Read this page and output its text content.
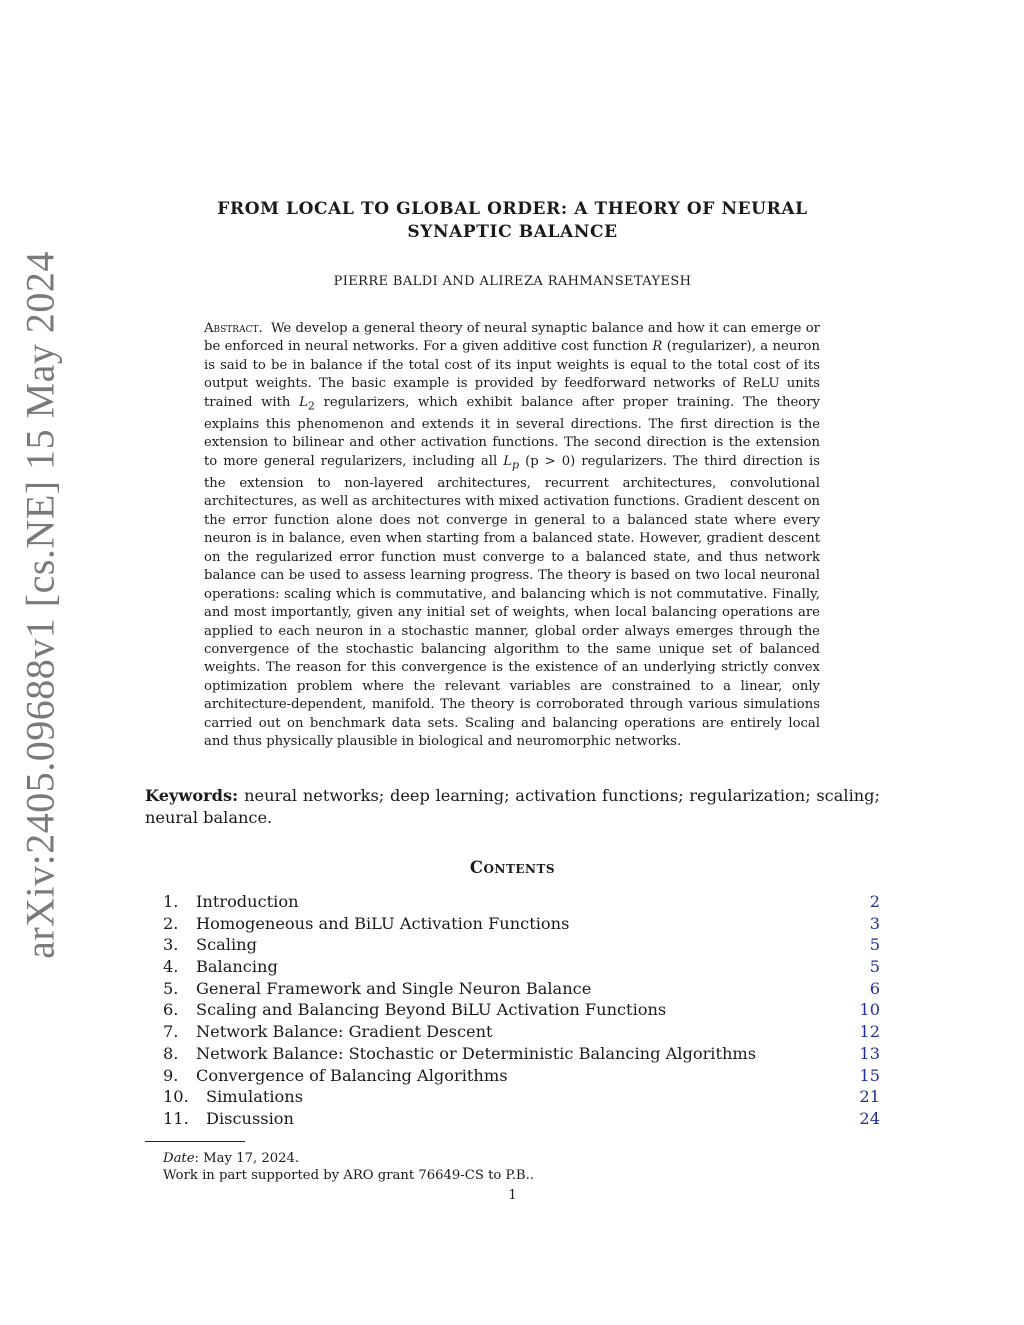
arXiv:2405.09688v1 [cs.NE] 15 May 2024
FROM LOCAL TO GLOBAL ORDER: A THEORY OF NEURAL
SYNAPTIC BALANCE

PIERRE BALDI AND ALIREZA RAHMANSETAYESH

Abstract. We develop a general theory of neural synaptic balance and how it can emerge or be enforced in neural networks. For a given additive cost function R (regularizer), a neuron is said to be in balance if the total cost of its input weights is equal to the total cost of its output weights. The basic example is provided by feedforward networks of ReLU units trained with $L_2$ regularizers, which exhibit balance after proper training. The theory explains this phenomenon and extends it in several directions. The first direction is the extension to bilinear and other activation functions. The second direction is the extension to more general regularizers, including all $L_p$ (p > 0) regularizers. The third direction is the extension to non-layered architectures, recurrent architectures, convolutional architectures, as well as architectures with mixed activation functions. Gradient descent on the error function alone does not converge in general to a balanced state where every neuron is in balance, even when starting from a balanced state. However, gradient descent on the regularized error function must converge to a balanced state, and thus network balance can be used to assess learning progress. The theory is based on two local neuronal operations: scaling which is commutative, and balancing which is not commutative. Finally, and most importantly, given any initial set of weights, when local balancing operations are applied to each neuron in a stochastic manner, global order always emerges through the convergence of the stochastic balancing algorithm to the same unique set of balanced weights. The reason for this convergence is the existence of an underlying strictly convex optimization problem where the relevant variables are constrained to a linear, only architecture-dependent, manifold. The theory is corroborated through various simulations carried out on benchmark data sets. Scaling and balancing operations are entirely local and thus physically plausible in biological and neuromorphic networks.

Keywords: neural networks; deep learning; activation functions; regularization; scaling; neural balance.

Contents
1.	Introduction	2
2.	Homogeneous and BiLU Activation Functions	3
3.	Scaling	5
4.	Balancing	5
5.	General Framework and Single Neuron Balance	6
6.	Scaling and Balancing Beyond BiLU Activation Functions	10
7.	Network Balance: Gradient Descent	12
8.	Network Balance: Stochastic or Deterministic Balancing Algorithms	13
9.	Convergence of Balancing Algorithms	15
10.	Simulations	21
11.	Discussion	24

Date: May 17, 2024.

Work in part supported by ARO grant 76649-CS to P.B..

1
